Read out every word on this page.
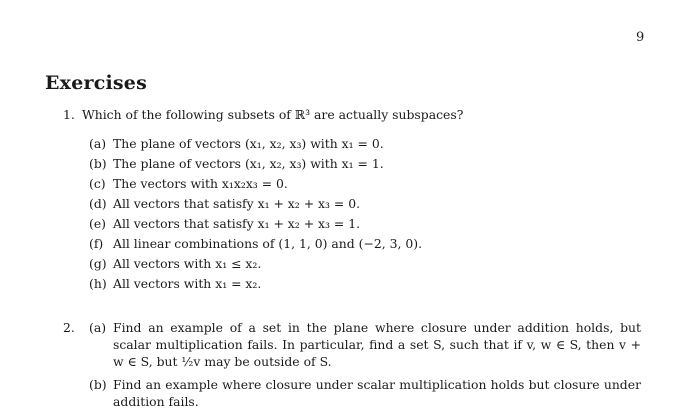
9
Exercises
1. Which of the following subsets of ℝ³ are actually subspaces?
(a) The plane of vectors (x₁, x₂, x₃) with x₁ = 0.
(b) The plane of vectors (x₁, x₂, x₃) with x₁ = 1.
(c) The vectors with x₁x₂x₃ = 0.
(d) All vectors that satisfy x₁ + x₂ + x₃ = 0.
(e) All vectors that satisfy x₁ + x₂ + x₃ = 1.
(f) All linear combinations of (1, 1, 0) and (−2, 3, 0).
(g) All vectors with x₁ ≤ x₂.
(h) All vectors with x₁ = x₂.
2. (a) Find an example of a set in the plane where closure under addition holds, but scalar multiplication fails. In particular, find a set S, such that if v, w ∈ S, then v + w ∈ S, but ½v may be outside of S.
(b) Find an example where closure under scalar multiplication holds but closure under addition fails.
